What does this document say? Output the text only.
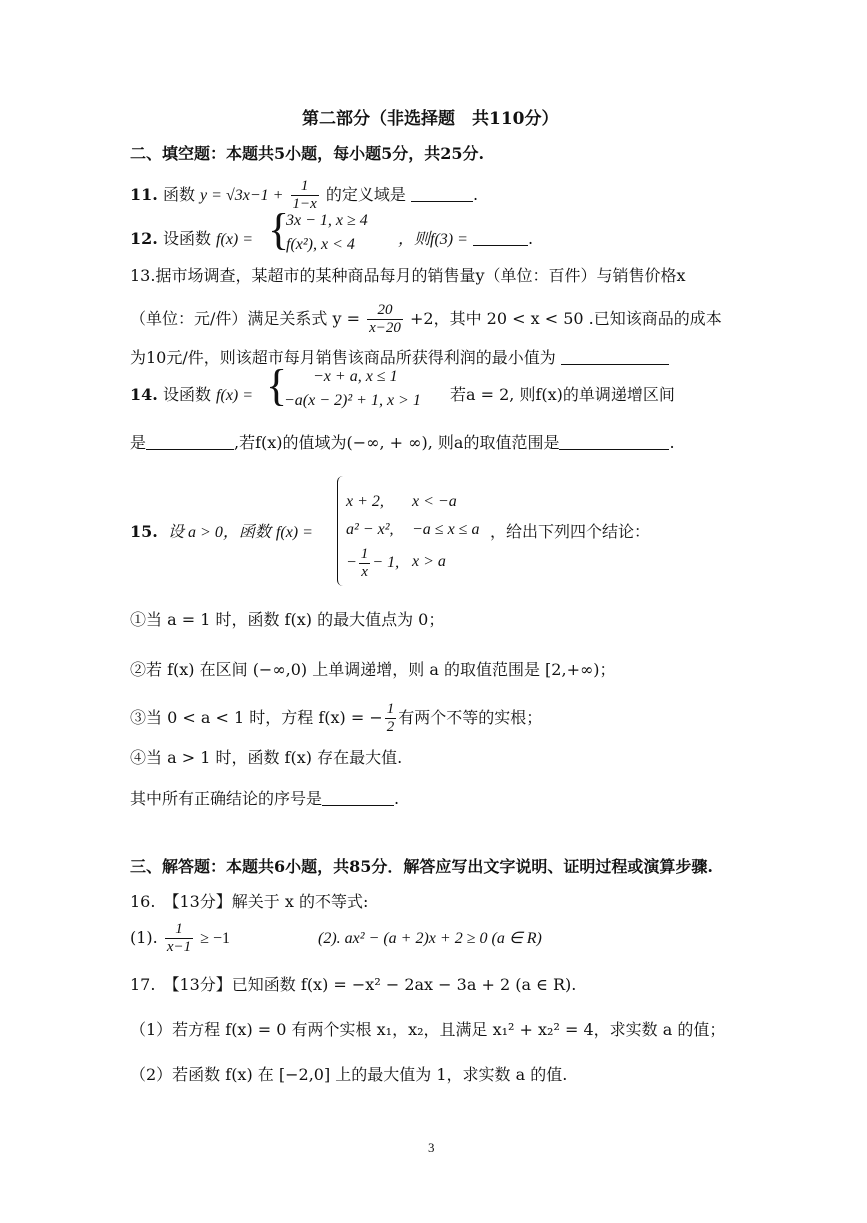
第二部分（非选择题　共110分）
二、填空题：本题共5小题，每小题5分，共25分.
11. 函数 $y = √3x-1 + \frac{1}{1-x}$ 的定义域是	.
12. 设函数 f(x) = {
3x − 1, x ≥ 4
f(x²), x < 4	，则f(3) =	.
13.据市场调查，某超市的某种商品每月的销售量y（单位：百件）与销售价格x
（单位：元/件）满足关系式 $y = \frac{20}{x-20} +2$，其中 20 < x < 50 .已知该商品的成本
为10元/件，则该超市每月销售该商品所获得利润的最小值为
14. 设函数 f(x) = { −x + a, x ≤ 1
−a(x − 2)² + 1, x > 1 若a = 2, 则f(x)的单调递增区间
是	,若f(x)的值域为(−∞, + ∞), 则a的取值范围是	.
15. 设 a > 0，函数 f(x) =
x + 2, x < −a
a² − x², −a ≤ x ≤ a
− $\frac{1}{x} - 1$, x > a
，给出下列四个结论：
①当 a = 1 时，函数 f(x) 的最大值点为 0；
②若 f(x) 在区间 (−∞,0) 上单调递增，则 a 的取值范围是 [2,+∞)；
③当 0 < a < 1 时，方程 f(x) = − $\frac{1}{2}$ 有两个不等的实根；
④当 a > 1 时，函数 f(x) 存在最大值.
其中所有正确结论的序号是	.
三、解答题：本题共6小题，共85分．解答应写出文字说明、证明过程或演算步骤.
16.　【13分】解关于 x 的不等式:
(1). $\frac{1}{x-1} \ge -1$	(2). ax² − (a + 2)x + 2 ≥ 0 (a ∈ R)
17.　【13分】已知函数 f(x) = −x² − 2ax − 3a + 2 (a ∈ R).
（1）若方程 f(x) = 0 有两个实根 x₁，x₂，且满足 x₁² + x₂² = 4，求实数 a 的值；
（2）若函数 f(x) 在 [−2,0] 上的最大值为 1，求实数 a 的值.
3
